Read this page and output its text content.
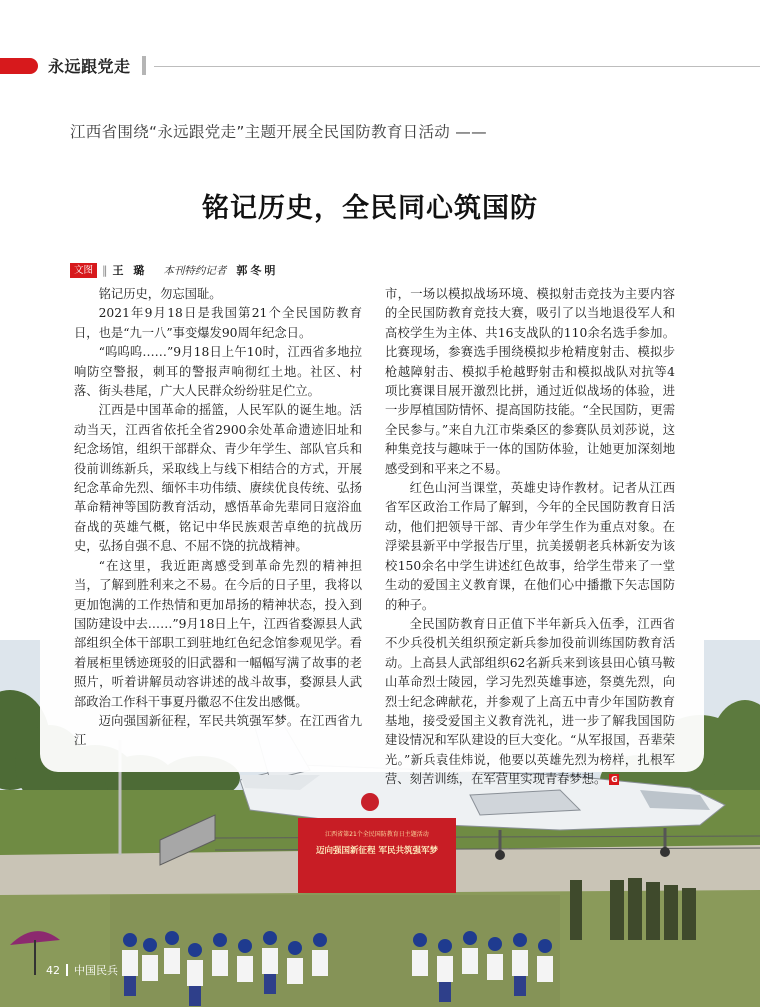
永远跟党走
江西省第21个全民国防教育日主题活动
迈向强国新征程 军民共筑强军梦
江西省围绕“永远跟党走”主题开展全民国防教育日活动 ——
铭记历史，全民同心筑国防
文图 ‖ 王 璐 本刊特约记者 郭冬明

铭记历史，勿忘国耻。

2021年9月18日是我国第21个全民国防教育日，也是“九一八”事变爆发90周年纪念日。

“呜呜呜……”9月18日上午10时，江西省多地拉响防空警报，刺耳的警报声响彻红土地。社区、村落、街头巷尾，广大人民群众纷纷驻足伫立。

江西是中国革命的摇篮，人民军队的诞生地。活动当天，江西省依托全省2900余处革命遗迹旧址和纪念场馆，组织干部群众、青少年学生、部队官兵和役前训练新兵，采取线上与线下相结合的方式，开展纪念革命先烈、缅怀丰功伟绩、赓续优良传统、弘扬革命精神等国防教育活动，感悟革命先辈同日寇浴血奋战的英雄气概，铭记中华民族艰苦卓绝的抗战历史，弘扬自强不息、不屈不饶的抗战精神。

“在这里，我近距离感受到革命先烈的精神担当，了解到胜利来之不易。在今后的日子里，我将以更加饱满的工作热情和更加昂扬的精神状态，投入到国防建设中去……”9月18日上午，江西省婺源县人武部组织全体干部职工到驻地红色纪念馆参观见学。看着展柜里锈迹斑驳的旧武器和一幅幅写满了故事的老照片，听着讲解员动容讲述的战斗故事，婺源县人武部政治工作科干事夏丹徽忍不住发出感慨。

迈向强国新征程，军民共筑强军梦。在江西省九江

市，一场以模拟战场环境、模拟射击竞技为主要内容的全民国防教育竞技大赛，吸引了以当地退役军人和高校学生为主体、共16支战队的110余名选手参加。比赛现场，参赛选手围绕模拟步枪精度射击、模拟步枪越障射击、模拟手枪越野射击和模拟战队对抗等4项比赛课目展开激烈比拼，通过近似战场的体验，进一步厚植国防情怀、提高国防技能。“全民国防，更需全民参与。”来自九江市柴桑区的参赛队员刘莎说，这种集竞技与趣味于一体的国防体验，让她更加深刻地感受到和平来之不易。

红色山河当课堂，英雄史诗作教材。记者从江西省军区政治工作局了解到，今年的全民国防教育日活动，他们把领导干部、青少年学生作为重点对象。在浮梁县新平中学报告厅里，抗美援朝老兵林新安为该校150余名中学生讲述红色故事，给学生带来了一堂生动的爱国主义教育课，在他们心中播撒下矢志国防的种子。

全民国防教育日正值下半年新兵入伍季，江西省不少兵役机关组织预定新兵参加役前训练国防教育活动。上高县人武部组织62名新兵来到该县田心镇马鞍山革命烈士陵园，学习先烈英雄事迹，祭奠先烈，向烈士纪念碑献花，并参观了上高五中青少年国防教育基地，接受爱国主义教育洗礼，进一步了解我国国防建设情况和军队建设的巨大变化。“从军报国，吾辈荣光。”新兵袁佳炜说，他要以英雄先烈为榜样，扎根军营、刻苦训练，在军营里实现青春梦想。 G

42 中国民兵
